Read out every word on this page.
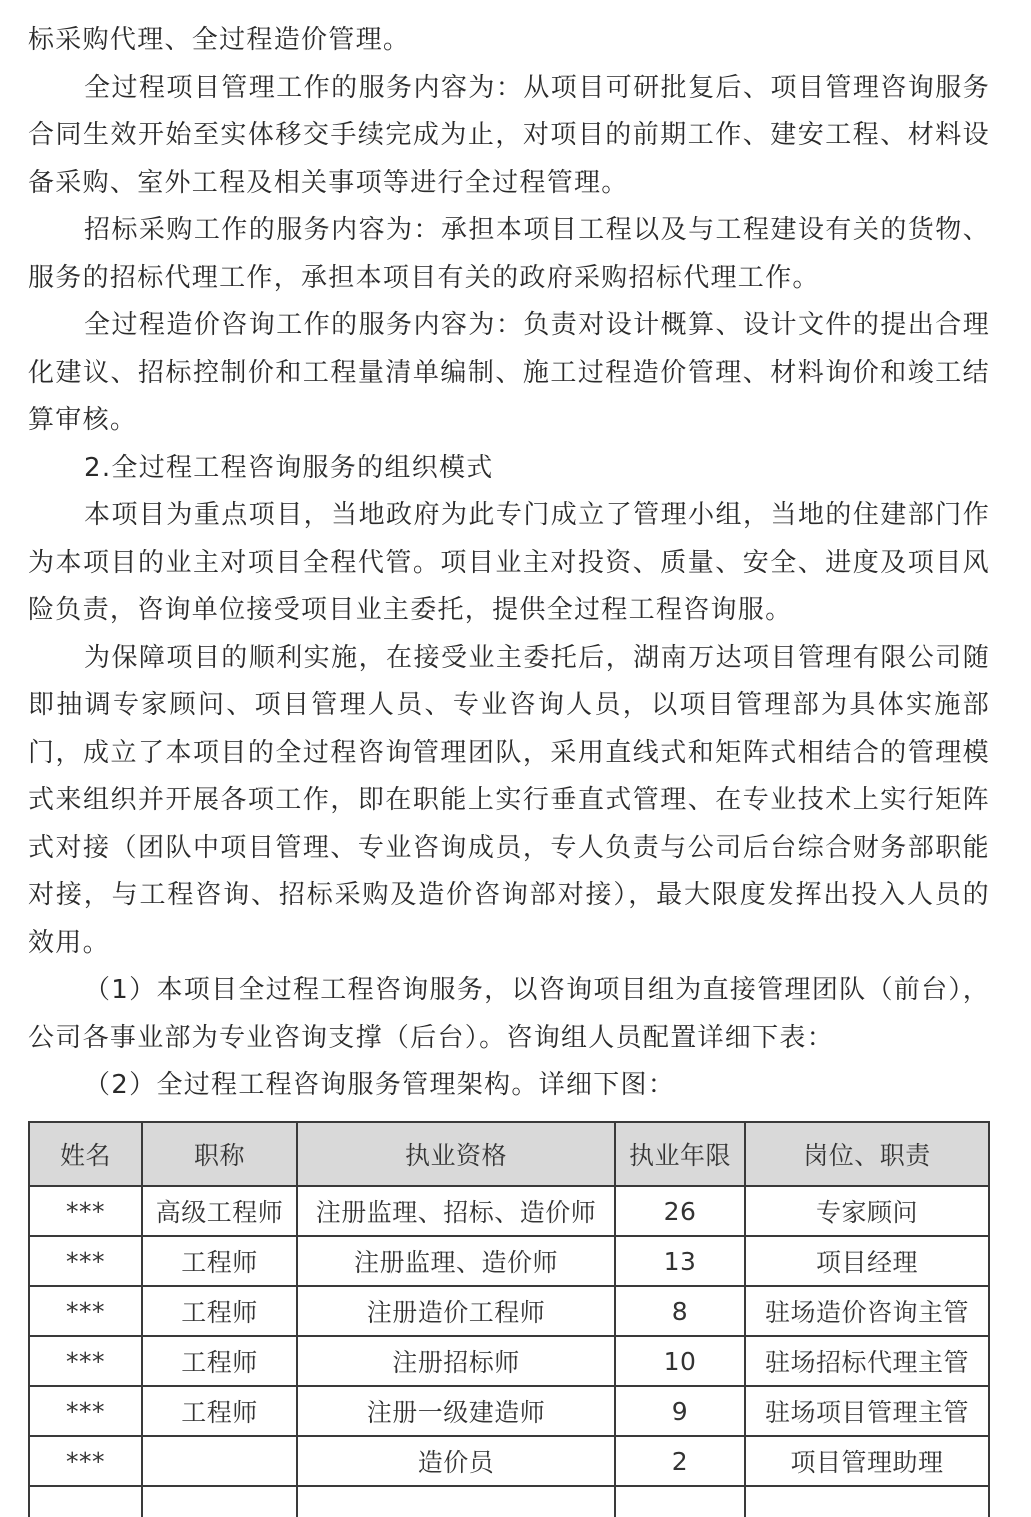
标采购代理、全过程造价管理。

全过程项目管理工作的服务内容为：从项目可研批复后、项目管理咨询服务合同生效开始至实体移交手续完成为止，对项目的前期工作、建安工程、材料设备采购、室外工程及相关事项等进行全过程管理。

招标采购工作的服务内容为：承担本项目工程以及与工程建设有关的货物、服务的招标代理工作，承担本项目有关的政府采购招标代理工作。

全过程造价咨询工作的服务内容为：负责对设计概算、设计文件的提出合理化建议、招标控制价和工程量清单编制、施工过程造价管理、材料询价和竣工结算审核。

2.全过程工程咨询服务的组织模式

本项目为重点项目，当地政府为此专门成立了管理小组，当地的住建部门作为本项目的业主对项目全程代管。项目业主对投资、质量、安全、进度及项目风险负责，咨询单位接受项目业主委托，提供全过程工程咨询服。

为保障项目的顺利实施，在接受业主委托后，湖南万达项目管理有限公司随即抽调专家顾问、项目管理人员、专业咨询人员，以项目管理部为具体实施部门，成立了本项目的全过程咨询管理团队，采用直线式和矩阵式相结合的管理模式来组织并开展各项工作，即在职能上实行垂直式管理、在专业技术上实行矩阵式对接（团队中项目管理、专业咨询成员，专人负责与公司后台综合财务部职能对接，与工程咨询、招标采购及造价咨询部对接），最大限度发挥出投入人员的效用。

（1）本项目全过程工程咨询服务，以咨询项目组为直接管理团队（前台），公司各事业部为专业咨询支撑（后台）。咨询组人员配置详细下表：

（2）全过程工程咨询服务管理架构。详细下图：

姓名	职称	执业资格	执业年限	岗位、职责
***	高级工程师	注册监理、招标、造价师	26	专家顾问
***	工程师	注册监理、造价师	13	项目经理
***	工程师	注册造价工程师	8	驻场造价咨询主管
***	工程师	注册招标师	10	驻场招标代理主管
***	工程师	注册一级建造师	9	驻场项目管理主管
***		造价员	2	项目管理助理
